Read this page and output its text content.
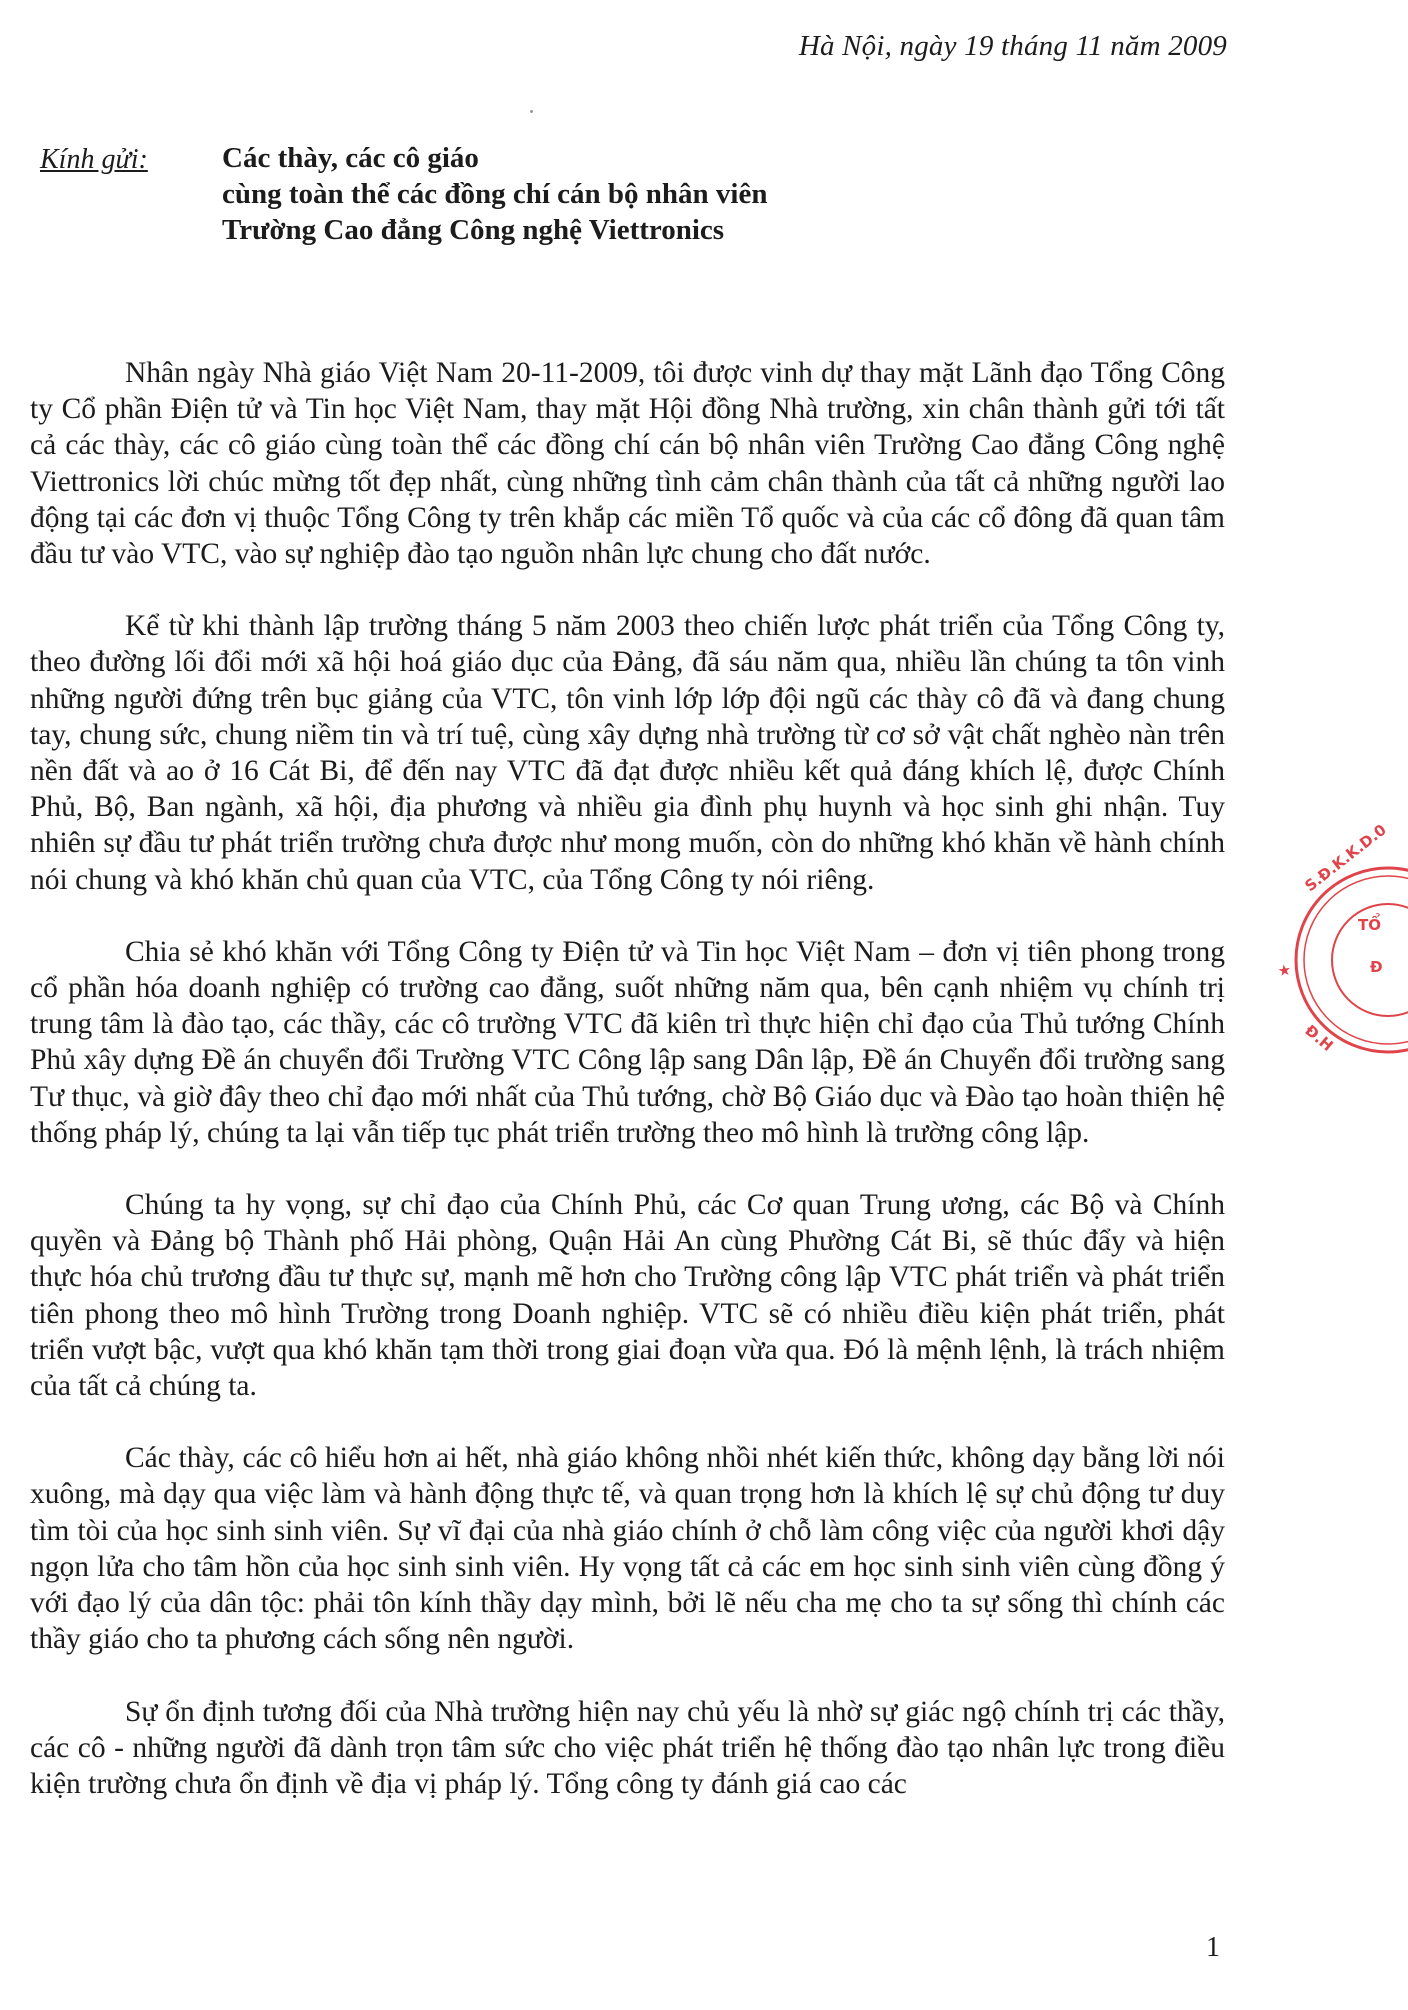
Hà Nội, ngày 19 tháng 11 năm 2009
Kính gửi:	Các thày, các cô giáo
cùng toàn thể các đồng chí cán bộ nhân viên
Trường Cao đẳng Công nghệ Viettronics

Nhân ngày Nhà giáo Việt Nam 20-11-2009, tôi được vinh dự thay mặt Lãnh đạo Tổng Công ty Cổ phần Điện tử và Tin học Việt Nam, thay mặt Hội đồng Nhà trường, xin chân thành gửi tới tất cả các thày, các cô giáo cùng toàn thể các đồng chí cán bộ nhân viên Trường Cao đẳng Công nghệ Viettronics lời chúc mừng tốt đẹp nhất, cùng những tình cảm chân thành của tất cả những người lao động tại các đơn vị thuộc Tổng Công ty trên khắp các miền Tổ quốc và của các cổ đông đã quan tâm đầu tư vào VTC, vào sự nghiệp đào tạo nguồn nhân lực chung cho đất nước.

Kể từ khi thành lập trường tháng 5 năm 2003 theo chiến lược phát triển của Tổng Công ty, theo đường lối đổi mới xã hội hoá giáo dục của Đảng, đã sáu năm qua, nhiều lần chúng ta tôn vinh những người đứng trên bục giảng của VTC, tôn vinh lớp lớp đội ngũ các thày cô đã và đang chung tay, chung sức, chung niềm tin và trí tuệ, cùng xây dựng nhà trường từ cơ sở vật chất nghèo nàn trên nền đất và ao ở 16 Cát Bi, để đến nay VTC đã đạt được nhiều kết quả đáng khích lệ, được Chính Phủ, Bộ, Ban ngành, xã hội, địa phương và nhiều gia đình phụ huynh và học sinh ghi nhận. Tuy nhiên sự đầu tư phát triển trường chưa được như mong muốn, còn do những khó khăn về hành chính nói chung và khó khăn chủ quan của VTC, của Tổng Công ty nói riêng.

Chia sẻ khó khăn với Tổng Công ty Điện tử và Tin học Việt Nam – đơn vị tiên phong trong cổ phần hóa doanh nghiệp có trường cao đẳng, suốt những năm qua, bên cạnh nhiệm vụ chính trị trung tâm là đào tạo, các thầy, các cô trường VTC đã kiên trì thực hiện chỉ đạo của Thủ tướng Chính Phủ xây dựng Đề án chuyển đổi Trường VTC Công lập sang Dân lập, Đề án Chuyển đổi trường sang Tư thục, và giờ đây theo chỉ đạo mới nhất của Thủ tướng, chờ Bộ Giáo dục và Đào tạo hoàn thiện hệ thống pháp lý, chúng ta lại vẫn tiếp tục phát triển trường theo mô hình là trường công lập.

Chúng ta hy vọng, sự chỉ đạo của Chính Phủ, các Cơ quan Trung ương, các Bộ và Chính quyền và Đảng bộ Thành phố Hải phòng, Quận Hải An cùng Phường Cát Bi, sẽ thúc đẩy và hiện thực hóa chủ trương đầu tư thực sự, mạnh mẽ hơn cho Trường công lập VTC phát triển và phát triển tiên phong theo mô hình Trường trong Doanh nghiệp. VTC sẽ có nhiều điều kiện phát triển, phát triển vượt bậc, vượt qua khó khăn tạm thời trong giai đoạn vừa qua. Đó là mệnh lệnh, là trách nhiệm của tất cả chúng ta.

Các thày, các cô hiểu hơn ai hết, nhà giáo không nhồi nhét kiến thức, không dạy bằng lời nói xuông, mà dạy qua việc làm và hành động thực tế, và quan trọng hơn là khích lệ sự chủ động tư duy tìm tòi của học sinh sinh viên. Sự vĩ đại của nhà giáo chính ở chỗ làm công việc của người khơi dậy ngọn lửa cho tâm hồn của học sinh sinh viên. Hy vọng tất cả các em học sinh sinh viên cùng đồng ý với đạo lý của dân tộc: phải tôn kính thầy dạy mình, bởi lẽ nếu cha mẹ cho ta sự sống thì chính các thầy giáo cho ta phương cách sống nên người.

Sự ổn định tương đối của Nhà trường hiện nay chủ yếu là nhờ sự giác ngộ chính trị các thầy, các cô - những người đã dành trọn tâm sức cho việc phát triển hệ thống đào tạo nhân lực trong điều kiện trường chưa ổn định về địa vị pháp lý. Tổng công ty đánh giá cao các

S.Đ.K.K.D.0
★
Đ.H
TỔ
Đ
1
